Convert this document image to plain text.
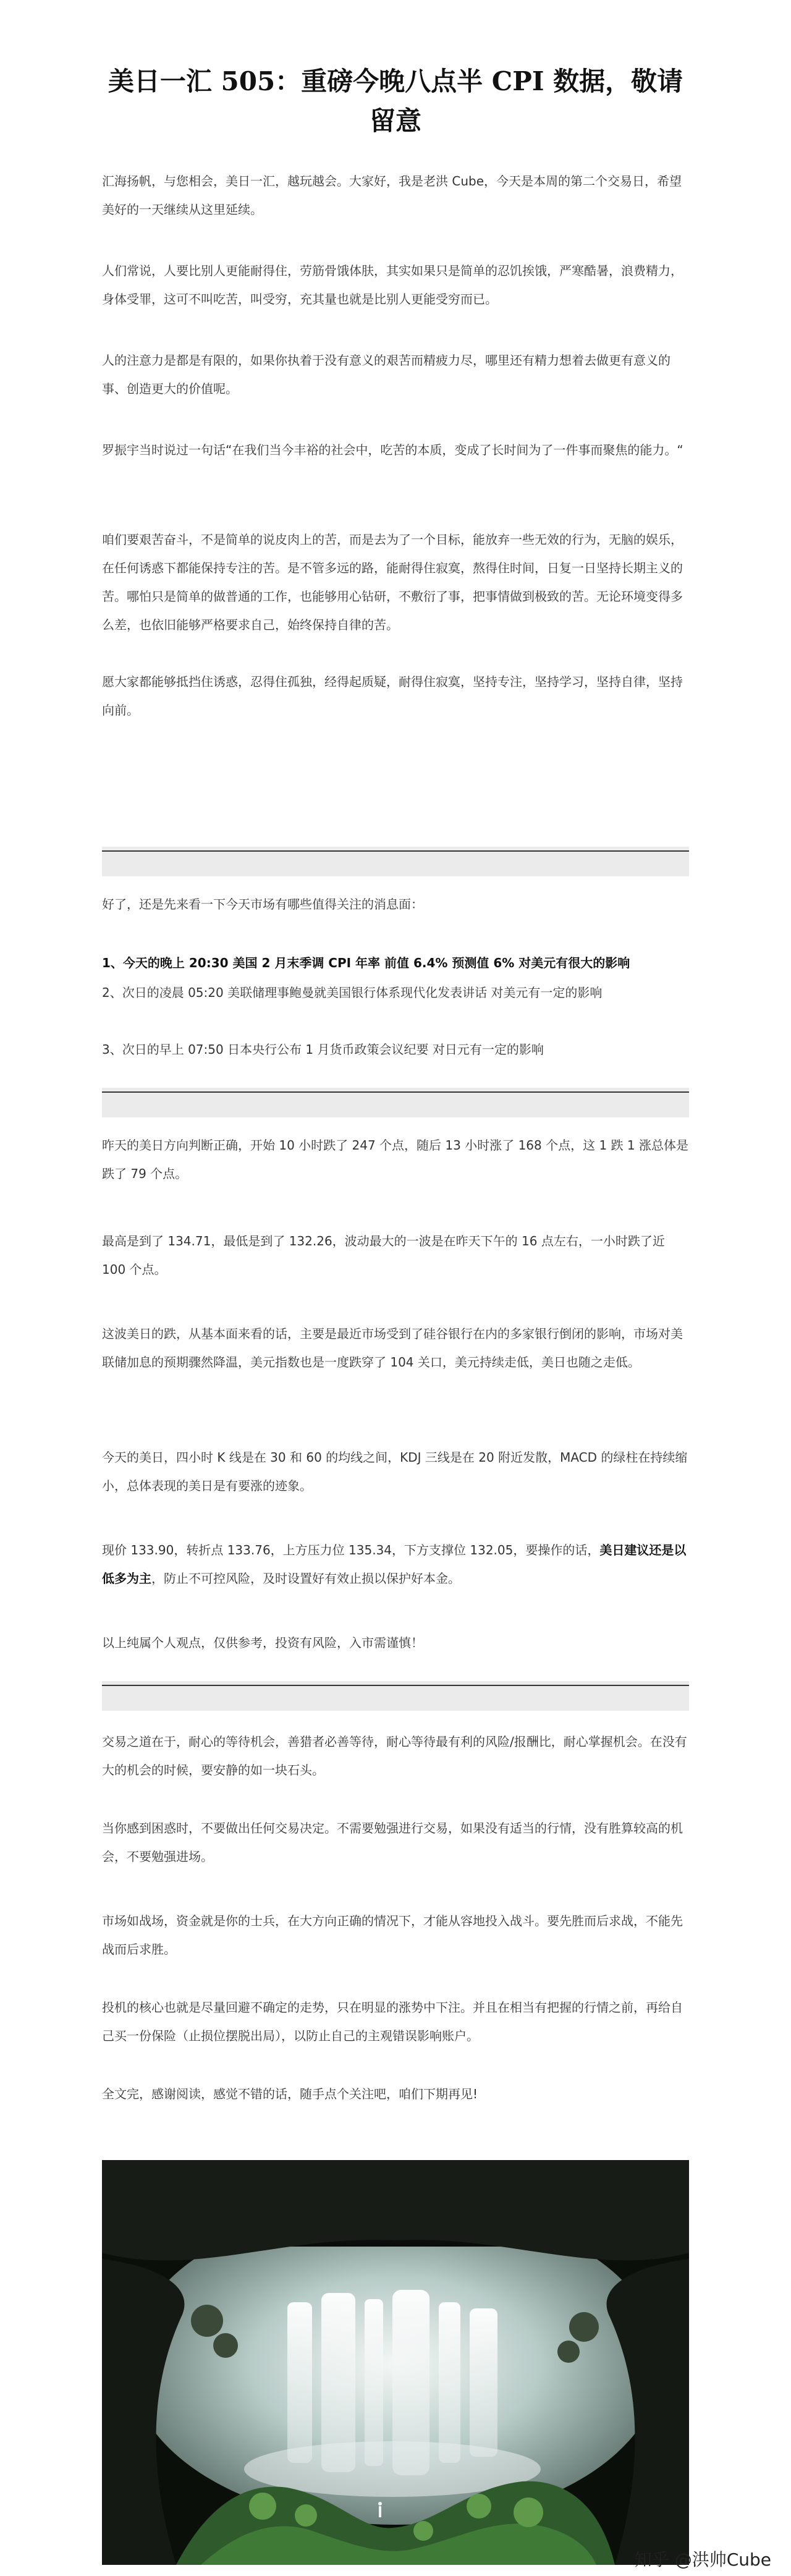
美日一汇 505：重磅今晚八点半 CPI 数据，敬请留意

汇海扬帆，与您相会，美日一汇，越玩越会。大家好，我是老洪 Cube，今天是本周的第二个交易日，希望美好的一天继续从这里延续。

人们常说，人要比别人更能耐得住，劳筋骨饿体肤，其实如果只是简单的忍饥挨饿，严寒酷暑，浪费精力，身体受罪，这可不叫吃苦，叫受穷，充其量也就是比别人更能受穷而已。

人的注意力是都是有限的，如果你执着于没有意义的艰苦而精疲力尽，哪里还有精力想着去做更有意义的事、创造更大的价值呢。

罗振宇当时说过一句话“在我们当今丰裕的社会中，吃苦的本质，变成了长时间为了一件事而聚焦的能力。“

咱们要艰苦奋斗，不是简单的说皮肉上的苦，而是去为了一个目标，能放弃一些无效的行为，无脑的娱乐，在任何诱惑下都能保持专注的苦。是不管多远的路，能耐得住寂寞，熬得住时间，日复一日坚持长期主义的苦。哪怕只是简单的做普通的工作，也能够用心钻研，不敷衍了事，把事情做到极致的苦。无论环境变得多么差，也依旧能够严格要求自己，始终保持自律的苦。

愿大家都能够抵挡住诱惑，忍得住孤独，经得起质疑，耐得住寂寞，坚持专注，坚持学习，坚持自律，坚持向前。

好了，还是先来看一下今天市场有哪些值得关注的消息面：

1、今天的晚上 20:30 美国 2 月末季调 CPI 年率 前值 6.4% 预测值 6% 对美元有很大的影响

2、次日的凌晨 05:20 美联储理事鲍曼就美国银行体系现代化发表讲话 对美元有一定的影响

3、次日的早上 07:50 日本央行公布 1 月货币政策会议纪要 对日元有一定的影响

昨天的美日方向判断正确，开始 10 小时跌了 247 个点，随后 13 小时涨了 168 个点，这 1 跌 1 涨总体是跌了 79 个点。

最高是到了 134.71，最低是到了 132.26，波动最大的一波是在昨天下午的 16 点左右，一小时跌了近 100 个点。

这波美日的跌，从基本面来看的话，主要是最近市场受到了硅谷银行在内的多家银行倒闭的影响，市场对美联储加息的预期骤然降温，美元指数也是一度跌穿了 104 关口，美元持续走低，美日也随之走低。

今天的美日，四小时 K 线是在 30 和 60 的均线之间，KDJ 三线是在 20 附近发散，MACD 的绿柱在持续缩小，总体表现的美日是有要涨的迹象。

现价 133.90，转折点 133.76，上方压力位 135.34，下方支撑位 132.05，要操作的话，美日建议还是以低多为主，防止不可控风险，及时设置好有效止损以保护好本金。

以上纯属个人观点，仅供参考，投资有风险，入市需谨慎！

交易之道在于，耐心的等待机会，善猎者必善等待，耐心等待最有利的风险/报酬比，耐心掌握机会。在没有大的机会的时候，要安静的如一块石头。

当你感到困惑时，不要做出任何交易决定。不需要勉强进行交易，如果没有适当的行情，没有胜算较高的机会，不要勉强进场。

市场如战场，资金就是你的士兵，在大方向正确的情况下，才能从容地投入战斗。要先胜而后求战，不能先战而后求胜。

投机的核心也就是尽量回避不确定的走势，只在明显的涨势中下注。并且在相当有把握的行情之前，再给自己买一份保险（止损位摆脱出局），以防止自己的主观错误影响账户。

全文完，感谢阅读，感觉不错的话，随手点个关注吧，咱们下期再见!

知乎 @洪帅Cube
